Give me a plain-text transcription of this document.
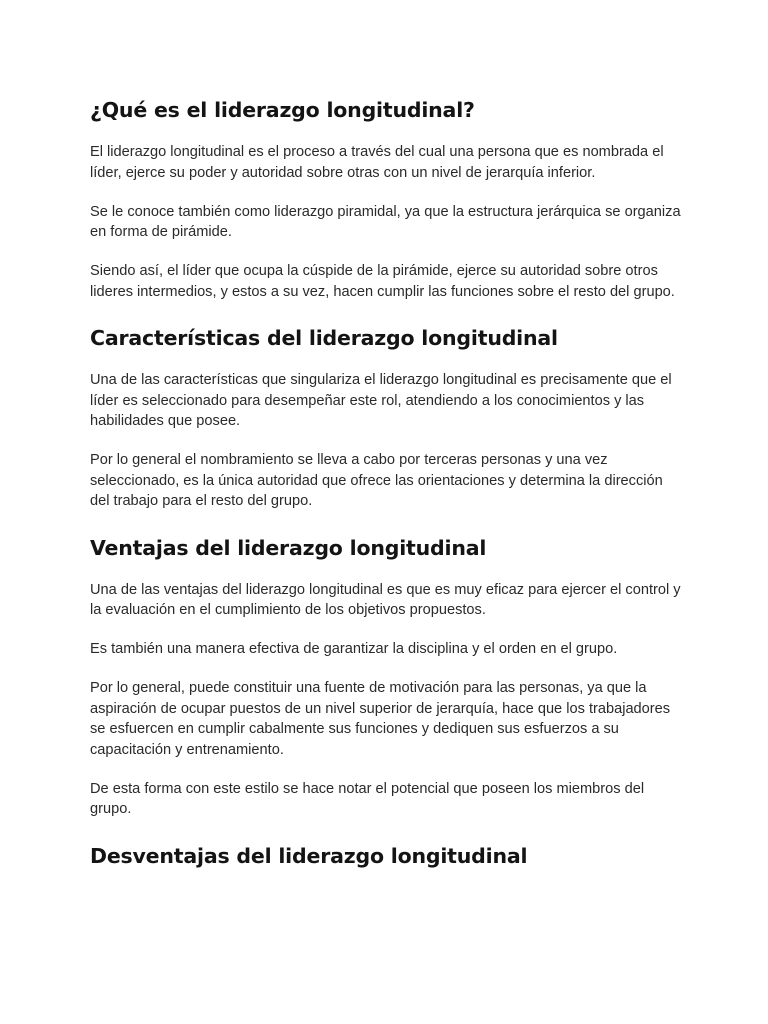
¿Qué es el liderazgo longitudinal?

El liderazgo longitudinal es el proceso a través del cual una persona que es nombrada el líder, ejerce su poder y autoridad sobre otras con un nivel de jerarquía inferior.

Se le conoce también como liderazgo piramidal, ya que la estructura jerárquica se organiza en forma de pirámide.

Siendo así, el líder que ocupa la cúspide de la pirámide, ejerce su autoridad sobre otros lideres intermedios, y estos a su vez, hacen cumplir las funciones sobre el resto del grupo.

Características del liderazgo longitudinal

Una de las características que singulariza el liderazgo longitudinal es precisamente que el líder es seleccionado para desempeñar este rol, atendiendo a los conocimientos y las habilidades que posee.

Por lo general el nombramiento se lleva a cabo por terceras personas y una vez seleccionado, es la única autoridad que ofrece las orientaciones y determina la dirección del trabajo para el resto del grupo.

Ventajas del liderazgo longitudinal

Una de las ventajas del liderazgo longitudinal es que es muy eficaz para ejercer el control y la evaluación en el cumplimiento de los objetivos propuestos.

Es también una manera efectiva de garantizar la disciplina y el orden en el grupo.

Por lo general, puede constituir una fuente de motivación para las personas, ya que la aspiración de ocupar puestos de un nivel superior de jerarquía, hace que los trabajadores se esfuercen en cumplir cabalmente sus funciones y dediquen sus esfuerzos a su capacitación y entrenamiento.

De esta forma con este estilo se hace notar el potencial que poseen los miembros del grupo.

Desventajas del liderazgo longitudinal
